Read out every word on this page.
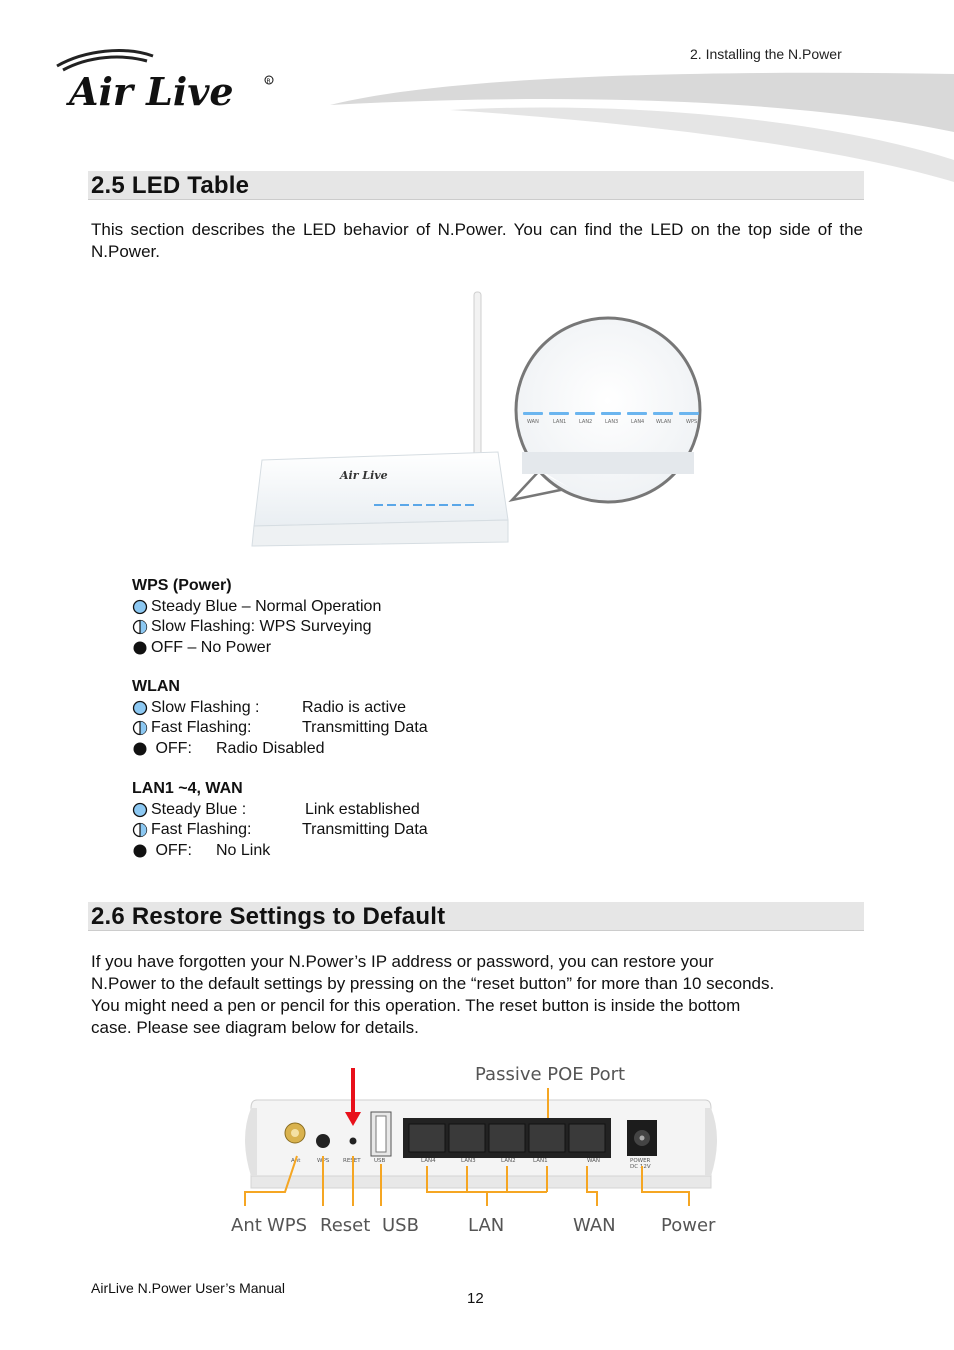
2. Installing the N.Power
Air Live	R
2.5 LED Table
This section describes the LED behavior of N.Power. You can find the LED on the top side of the N.Power.
Air Live
WAN	LAN1	LAN2	LAN3	LAN4 WLAN	WPS
WPS (Power)
Steady Blue – Normal Operation
Slow Flashing: WPS Surveying
OFF – No Power
WLAN
Slow Flashing :	Radio is active
Fast Flashing:	Transmitting Data
OFF: Radio Disabled
LAN1 ~4, WAN
Steady Blue :	Link established
Fast Flashing:	Transmitting Data
OFF: No Link
2.6 Restore Settings to Default
If you have forgotten your N.Power’s IP address or password, you can restore your
N.Power to the default settings by pressing on the “reset button” for more than 10 seconds.
You might need a pen or pencil for this operation. The reset button is inside the bottom
case. Please see diagram below for details.
Passive POE Port
Ant	WPS	RESET USB	LAN4	LAN3	LAN2	LAN1	WAN	POWER
DC 12V
Ant WPS Reset USB	LAN	WAN	Power
AirLive N.Power User’s Manual
12
